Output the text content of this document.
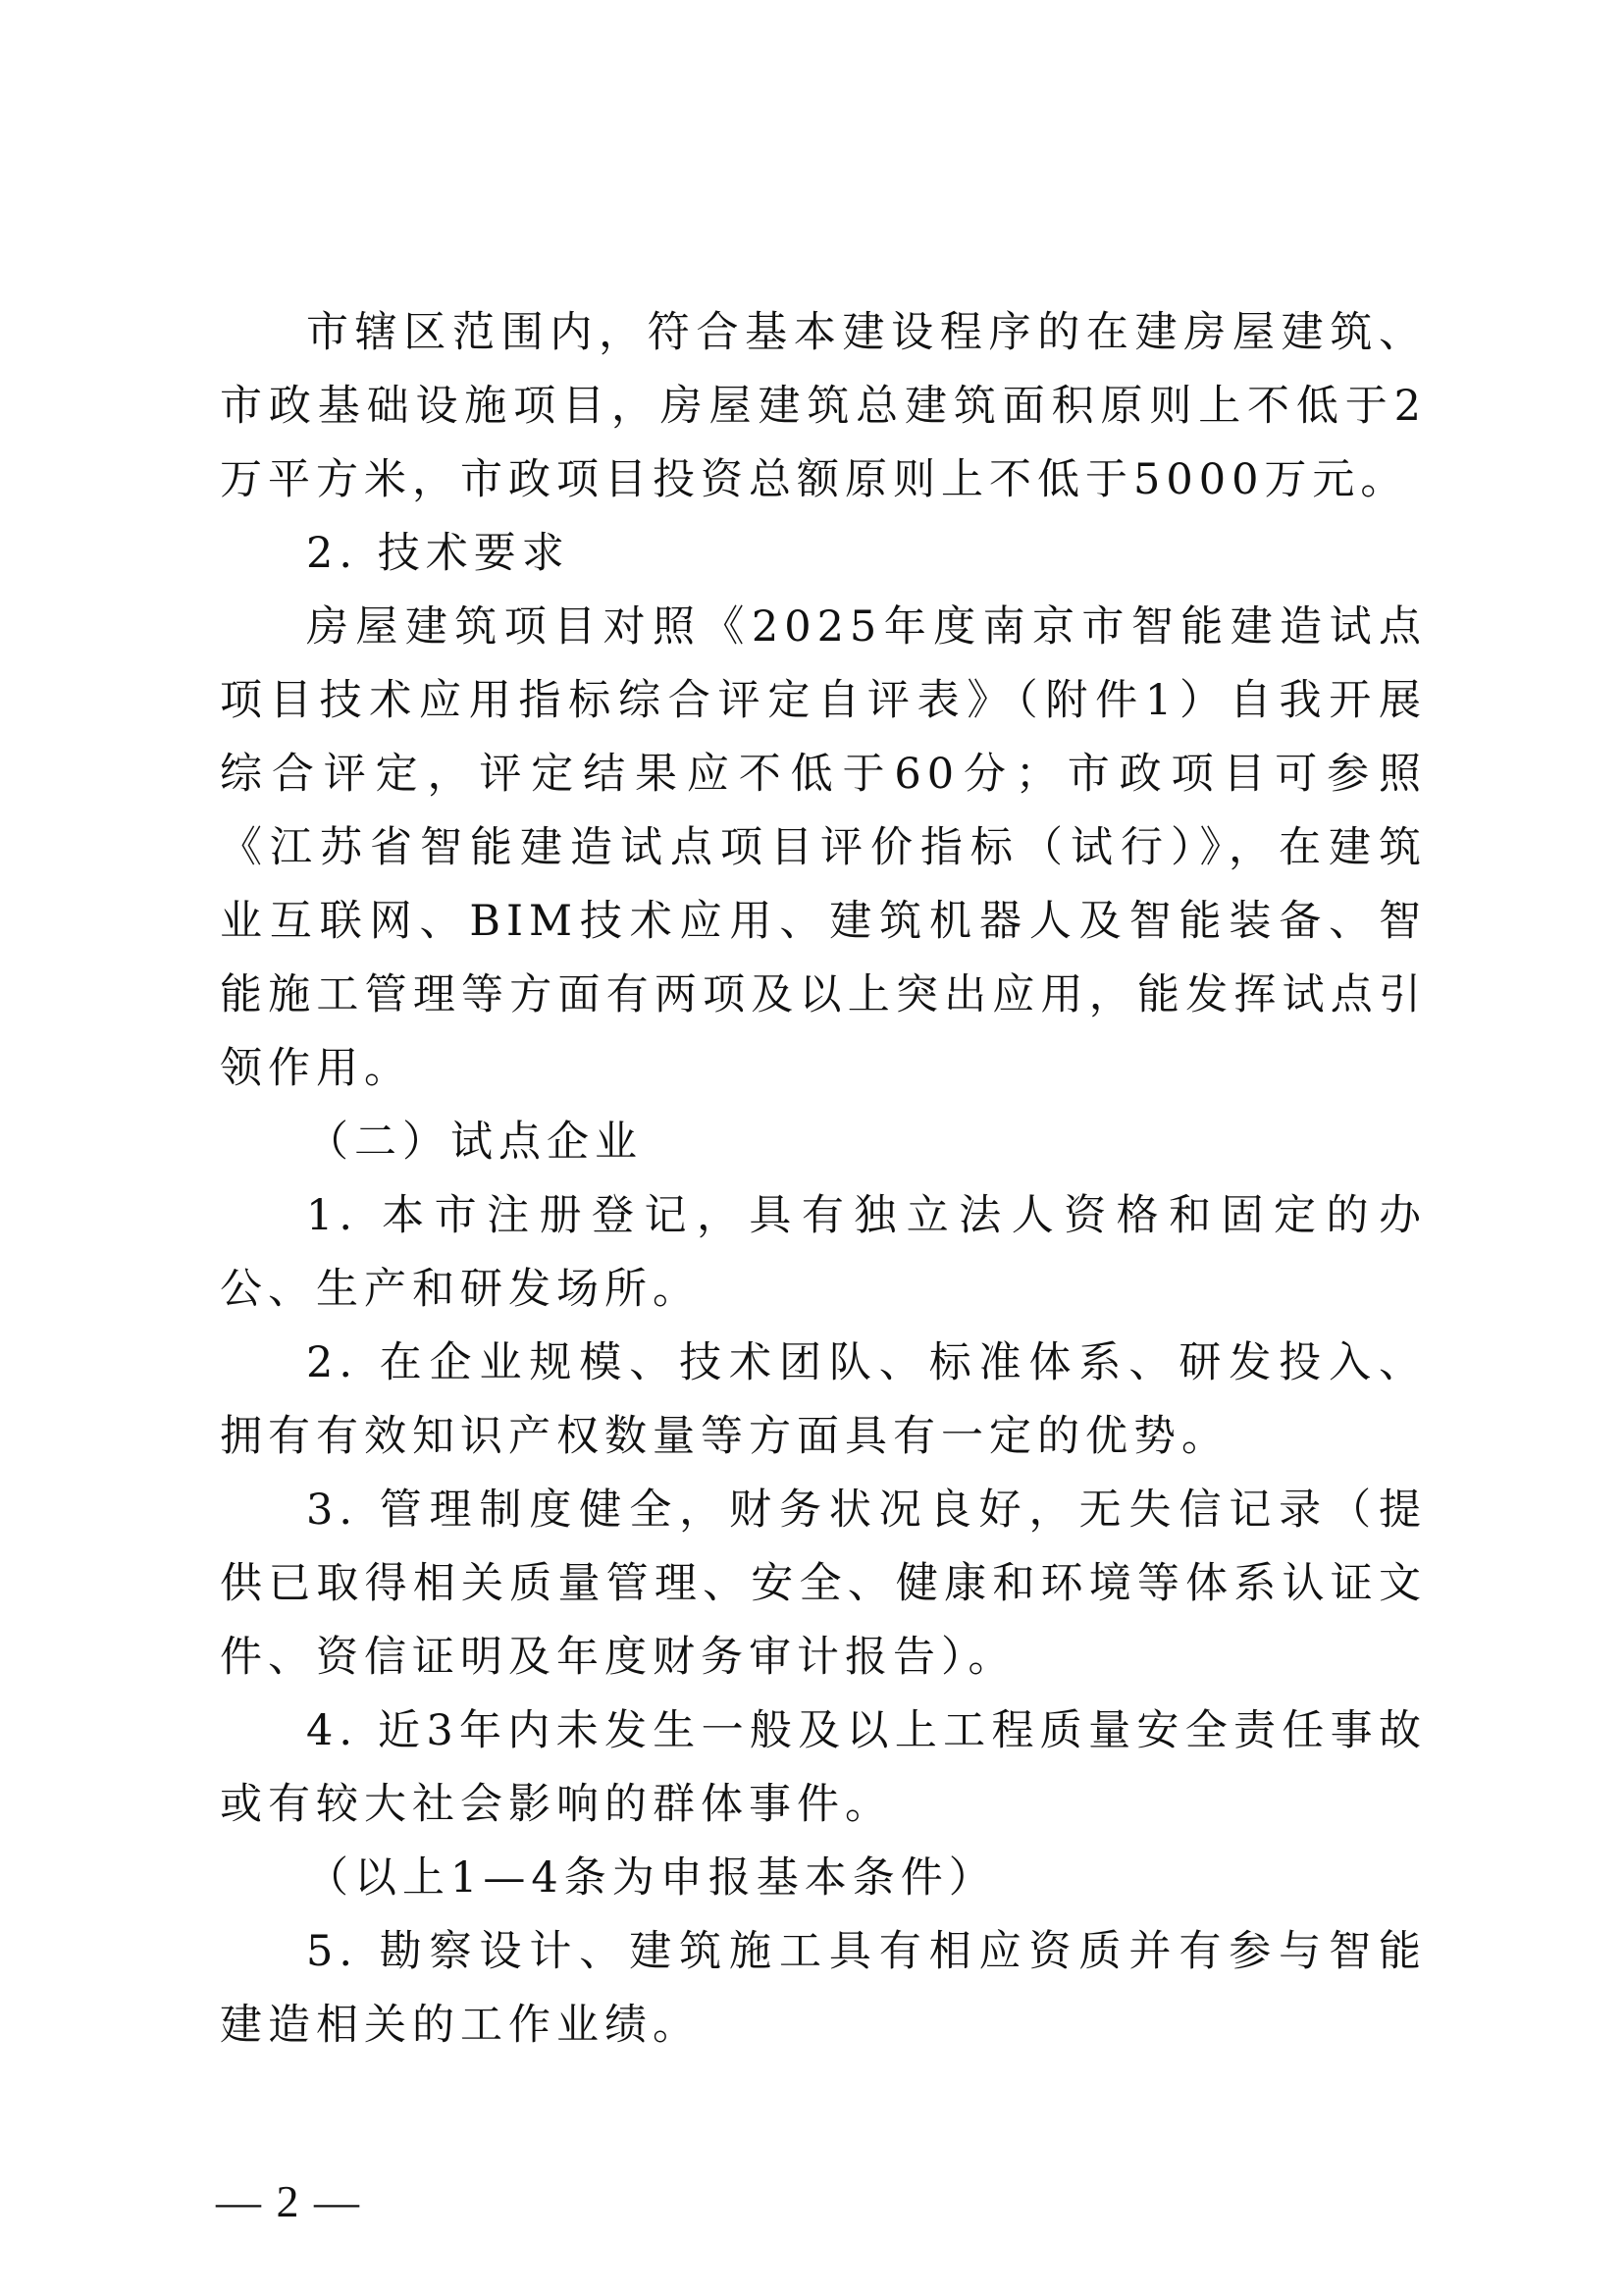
市辖区范围内，符合基本建设程序的在建房屋建筑、市政基础设施项目，房屋建筑总建筑面积原则上不低于2万平方米，市政项目投资总额原则上不低于5000万元。

2. 技术要求

房屋建筑项目对照《2025年度南京市智能建造试点项目技术应用指标综合评定自评表》（附件1）自我开展综合评定，评定结果应不低于60分；市政项目可参照《江苏省智能建造试点项目评价指标（试行）》，在建筑业互联网、BIM技术应用、建筑机器人及智能装备、智能施工管理等方面有两项及以上突出应用，能发挥试点引领作用。

（二）试点企业

1. 本市注册登记，具有独立法人资格和固定的办公、生产和研发场所。

2. 在企业规模、技术团队、标准体系、研发投入、拥有有效知识产权数量等方面具有一定的优势。

3. 管理制度健全，财务状况良好，无失信记录（提供已取得相关质量管理、安全、健康和环境等体系认证文件、资信证明及年度财务审计报告）。

4. 近3年内未发生一般及以上工程质量安全责任事故或有较大社会影响的群体事件。

（以上1—4条为申报基本条件）

5. 勘察设计、建筑施工具有相应资质并有参与智能建造相关的工作业绩。

— 2 —
